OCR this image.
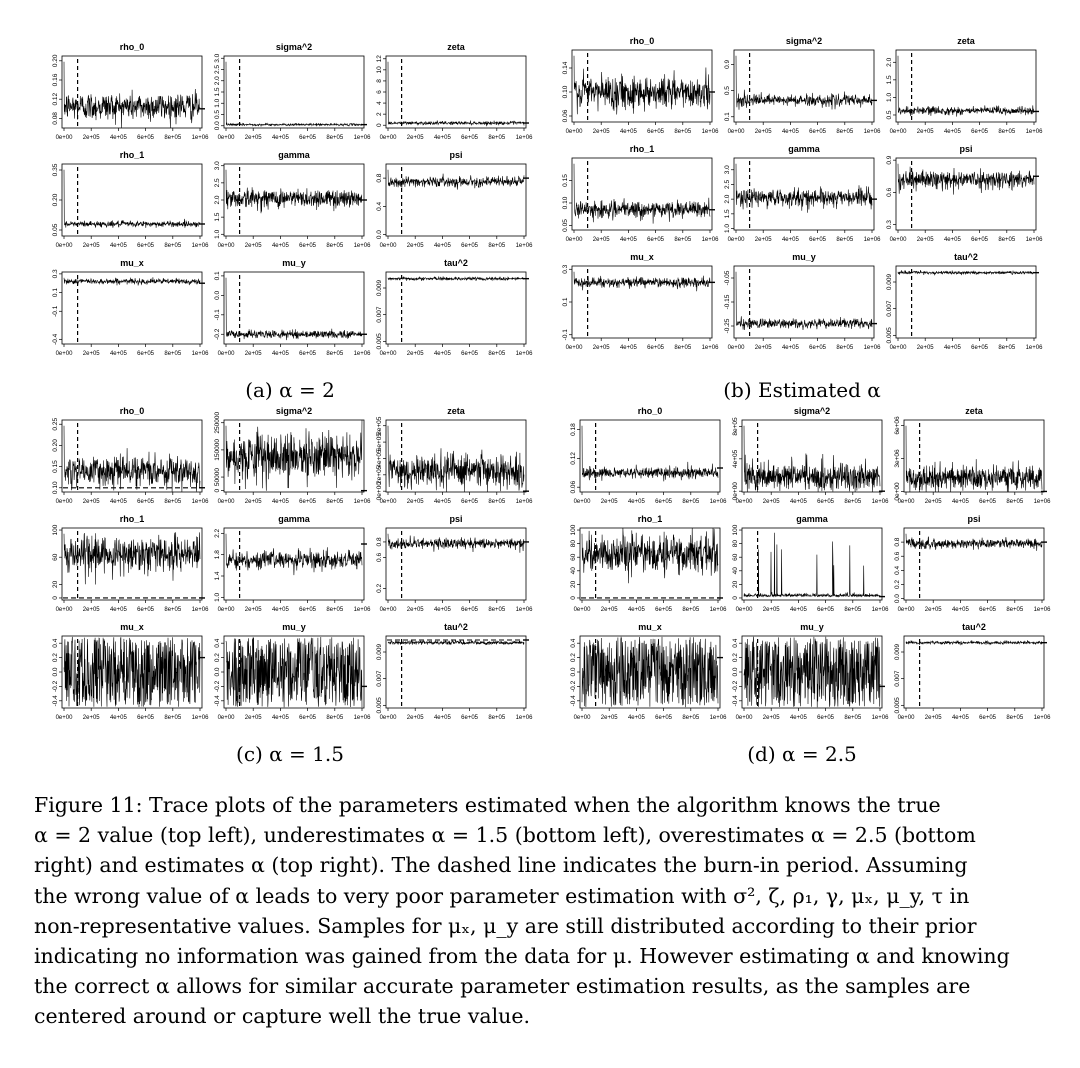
rho_0
0.08
0.12
0.16
0.20
0e+00 2e+05 4e+05 6e+05 8e+05 1e+06
sigma^2
0.0
0.5
1.0
1.5
2.0
2.5
3.0
0e+00 2e+05 4e+05 6e+05 8e+05 1e+06
zeta
0
2
4
6
8
10
12
0e+00 2e+05 4e+05 6e+05 8e+05 1e+06
rho_1
0.05
0.20
0.35
0e+00 2e+05 4e+05 6e+05 8e+05 1e+06
gamma
1.0
1.5
2.0
2.5
3.0
0e+00 2e+05 4e+05 6e+05 8e+05 1e+06
psi
0.0
0.4
0.8
0e+00 2e+05 4e+05 6e+05 8e+05 1e+06
mu_x
-0.4
-0.1
0.1
0.3
0e+00 2e+05 4e+05 6e+05 8e+05 1e+06
mu_y
-0.2
-0.1
0.0
0.1
0e+00 2e+05 4e+05 6e+05 8e+05 1e+06
tau^2
0.005
0.007
0.009
0e+00 2e+05 4e+05 6e+05 8e+05 1e+06
rho_0
0.06
0.10
0.14
0e+00 2e+05 4e+05 6e+05 8e+05 1e+06
sigma^2
0.1
0.5
0.9
0e+00 2e+05 4e+05 6e+05 8e+05 1e+06
zeta
0.5
1.0
1.5
2.0
0e+00 2e+05 4e+05 6e+05 8e+05 1e+06
rho_1
0.05
0.10
0.15
0e+00 2e+05 4e+05 6e+05 8e+05 1e+06
gamma
1.0
1.5
2.0
2.5
3.0
0e+00 2e+05 4e+05 6e+05 8e+05 1e+06
psi
0.3
0.6
0.9
0e+00 2e+05 4e+05 6e+05 8e+05 1e+06
mu_x
-0.1
0.1
0.3
0e+00 2e+05 4e+05 6e+05 8e+05 1e+06
mu_y
-0.25
-0.15
-0.05
0e+00 2e+05 4e+05 6e+05 8e+05 1e+06
tau^2
0.005
0.007
0.009
0e+00 2e+05 4e+05 6e+05 8e+05 1e+06
rho_0
0.10
0.15
0.20
0.25
0e+00 2e+05 4e+05 6e+05 8e+05 1e+06
sigma^2
0
50000
150000
250000
0e+00 2e+05 4e+05 6e+05 8e+05 1e+06
zeta
0e+00
2e+05
4e+05
6e+05
8e+05
0e+00 2e+05 4e+05 6e+05 8e+05 1e+06
rho_1
0
20
60
100
0e+00 2e+05 4e+05 6e+05 8e+05 1e+06
gamma
1.0
1.4
1.8
2.2
0e+00 2e+05 4e+05 6e+05 8e+05 1e+06
psi
0.2
0.6
0.8
0e+00 2e+05 4e+05 6e+05 8e+05 1e+06
mu_x
-0.4
-0.2
0.0
0.2
0.4
0e+00 2e+05 4e+05 6e+05 8e+05 1e+06
mu_y
-0.4
-0.2
0.0
0.2
0.4
0e+00 2e+05 4e+05 6e+05 8e+05 1e+06
tau^2
0.005
0.007
0.009
0e+00 2e+05 4e+05 6e+05 8e+05 1e+06
rho_0
0.06
0.12
0.18
0e+00 2e+05 4e+05 6e+05 8e+05 1e+06
sigma^2
0e+00
4e+05
8e+05
0e+00 2e+05 4e+05 6e+05 8e+05 1e+06
zeta
0e+00
3e+06
6e+06
0e+00 2e+05 4e+05 6e+05 8e+05 1e+06
rho_1
0
20
40
60
80
100
0e+00 2e+05 4e+05 6e+05 8e+05 1e+06
gamma
0
20
40
60
80
100
0e+00 2e+05 4e+05 6e+05 8e+05 1e+06
psi
0.0
0.2
0.4
0.6
0.8
0e+00 2e+05 4e+05 6e+05 8e+05 1e+06
mu_x
-0.4
-0.2
0.0
0.2
0.4
0e+00 2e+05 4e+05 6e+05 8e+05 1e+06
mu_y
-0.4
-0.2
0.0
0.2
0.4
0e+00 2e+05 4e+05 6e+05 8e+05 1e+06
tau^2
0.005
0.007
0.009
0e+00 2e+05 4e+05 6e+05 8e+05 1e+06
(a) α = 2	(b) Estimated α
(c) α = 1.5	(d) α = 2.5
Figure 11: Trace plots of the parameters estimated when the algorithm knows the true
α = 2 value (top left), underestimates α = 1.5 (bottom left), overestimates α = 2.5 (bottom
right) and estimates α (top right). The dashed line indicates the burn-in period. Assuming
the wrong value of α leads to very poor parameter estimation with σ², ζ, ρ₁, γ, μₓ, μ_y, τ in
non-representative values. Samples for μₓ, μ_y are still distributed according to their prior
indicating no information was gained from the data for μ. However estimating α and knowing
the correct α allows for similar accurate parameter estimation results, as the samples are
centered around or capture well the true value.
